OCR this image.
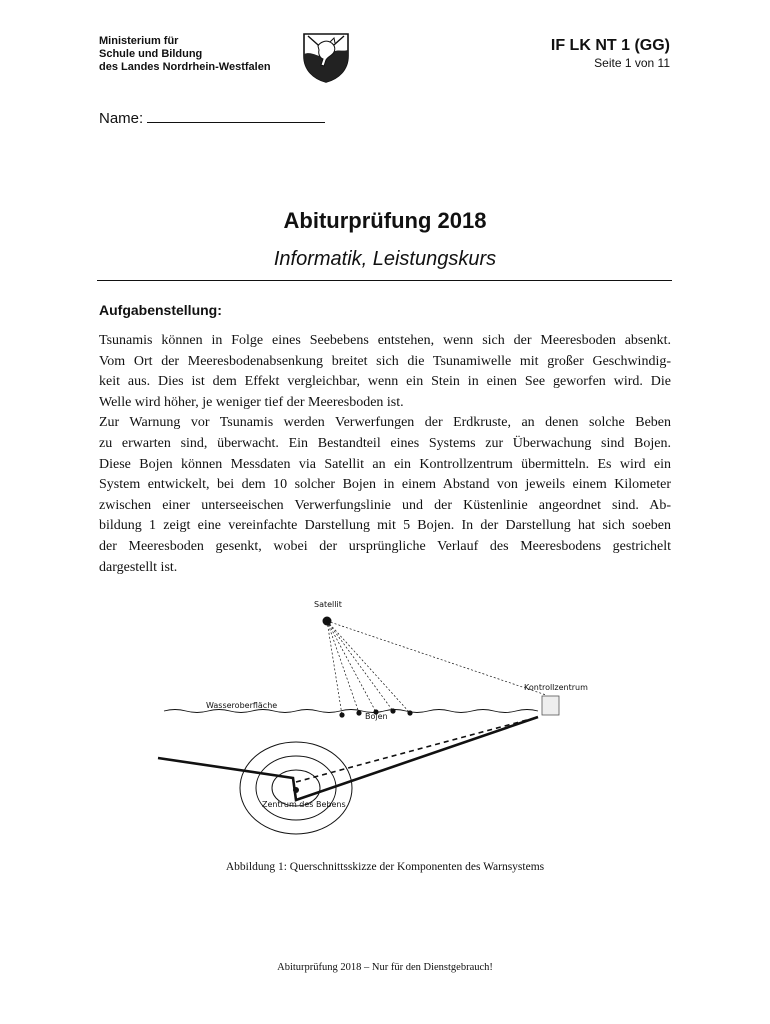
Ministerium für
Schule und Bildung
des Landes Nordrhein-Westfalen
IF LK NT 1 (GG)
Seite 1 von 11
Name:
Abiturprüfung 2018
Informatik, Leistungskurs
Aufgabenstellung:
Tsunamis können in Folge eines Seebebens entstehen, wenn sich der Meeresboden absenkt.
Vom Ort der Meeresbodenabsenkung breitet sich die Tsunamiwelle mit großer Geschwindig-
keit aus. Dies ist dem Effekt vergleichbar, wenn ein Stein in einen See geworfen wird. Die
Welle wird höher, je weniger tief der Meeresboden ist.
Zur Warnung vor Tsunamis werden Verwerfungen der Erdkruste, an denen solche Beben
zu erwarten sind, überwacht. Ein Bestandteil eines Systems zur Überwachung sind Bojen.
Diese Bojen können Messdaten via Satellit an ein Kontrollzentrum übermitteln. Es wird ein
System entwickelt, bei dem 10 solcher Bojen in einem Abstand von jeweils einem Kilometer
zwischen einer unterseeischen Verwerfungslinie und der Küstenlinie angeordnet sind. Ab-
bildung 1 zeigt eine vereinfachte Darstellung mit 5 Bojen. In der Darstellung hat sich soeben
der Meeresboden gesenkt, wobei der ursprüngliche Verlauf des Meeresbodens gestrichelt
dargestellt ist.
Satellit
Kontrollzentrum
Wasseroberfläche
Bojen
Zentrum des Bebens
Abbildung 1: Querschnittsskizze der Komponenten des Warnsystems
Abiturprüfung 2018 – Nur für den Dienstgebrauch!
